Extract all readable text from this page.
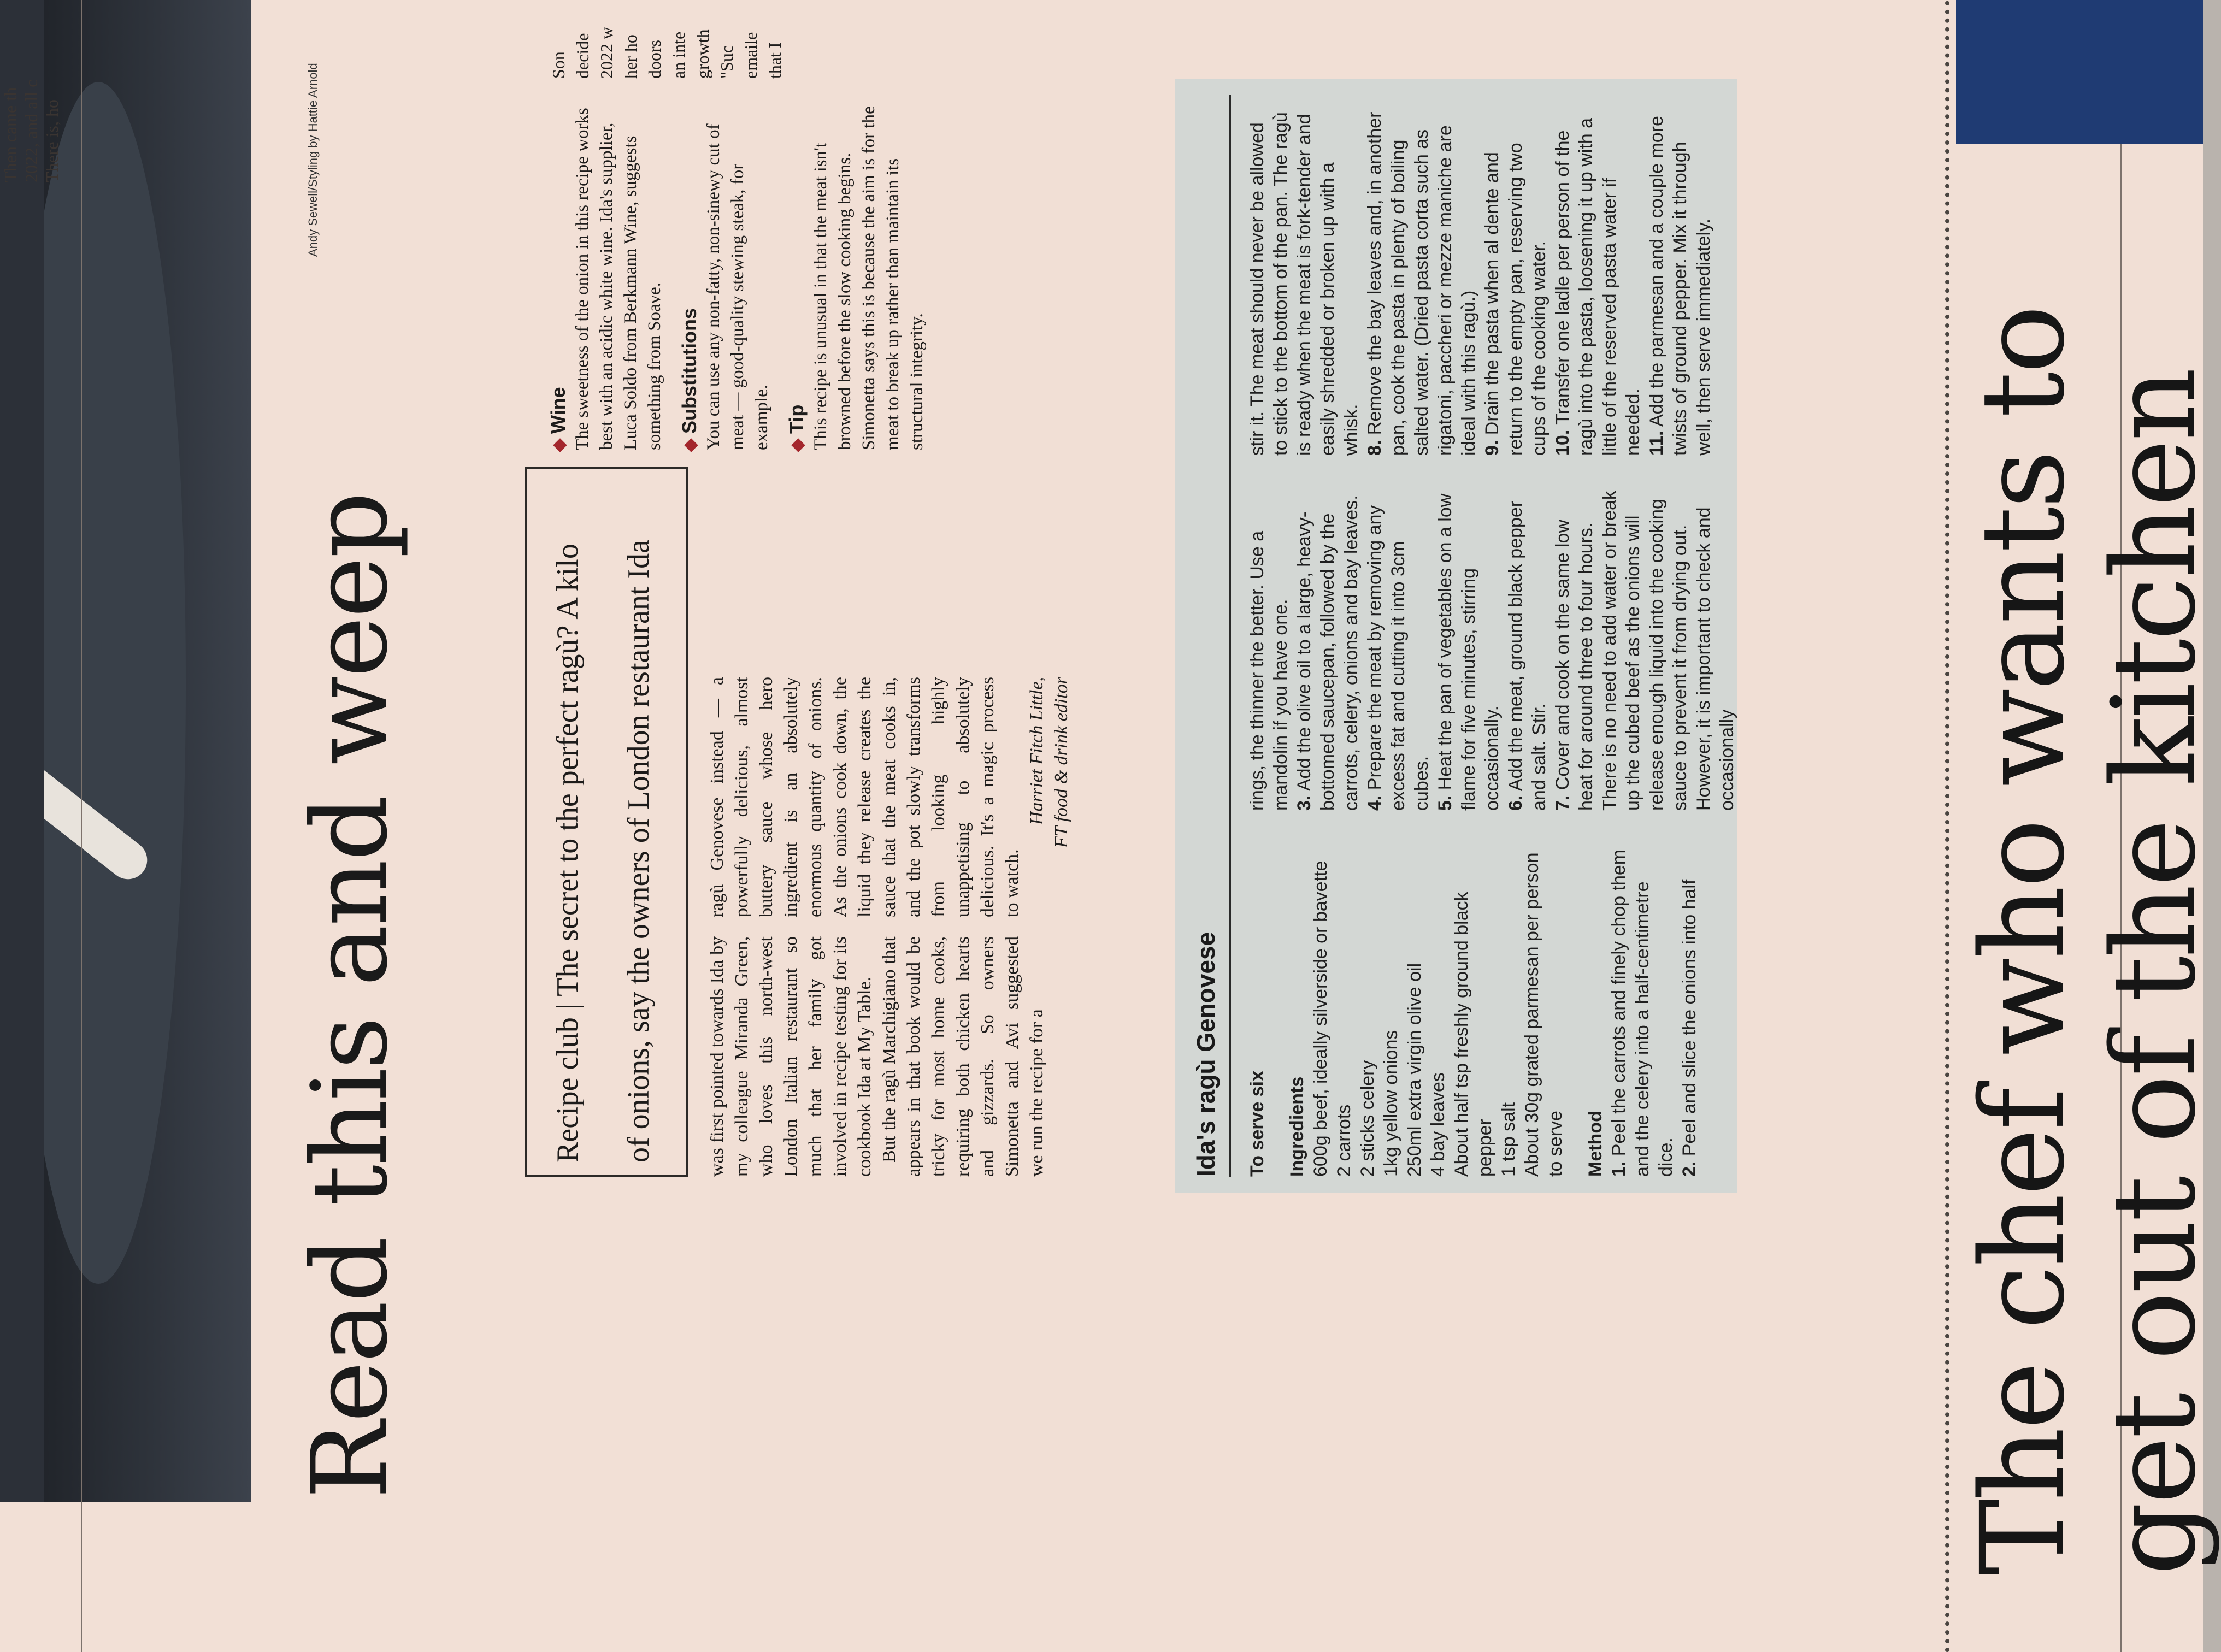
Andy Sewell/Styling by Hattie Arnold
Read this and weep	Recipe club | The secret to the perfect ragù? A kilo	of onions, say the owners of London restaurant Ida	was first pointed towards Ida by my colleague Miranda Green, who loves this north-west London Italian restaurant so much that her family got involved in recipe testing for its cookbook Ida at My Table. But the ragù Marchigiano that appears in that book would be tricky for most home cooks, requiring both chicken hearts and gizzards. So owners Simonetta and Avi suggested we run the recipe for a

ragù Genovese instead — a powerfully delicious, almost buttery sauce whose hero ingredient is an absolutely enormous quantity of onions. As the onions cook down, the liquid they release creates the sauce that the meat cooks in, and the pot slowly transforms from looking highly unappetising to absolutely delicious. It's a magic process to watch.

Harriet Fitch Little, FT food & drink editor

Wine The sweetness of the onion in this recipe works best with an acidic white wine. Ida's supplier, Luca Soldo from Berkmann Wine, suggests something from Soave. Substitutions You can use any non-fatty, non-sinewy cut of meat — good-quality stewing steak, for example. Tip This recipe is unusual in that the meat isn't browned before the slow cooking begins. Simonetta says this is because the aim is for the meat to break up rather than maintain its structural integrity.

Ida's ragù Genovese To serve six Ingredients 600g beef, ideally silverside or bavette 2 carrots 2 sticks celery 1kg yellow onions 250ml extra virgin olive oil 4 bay leaves About half tsp freshly ground black pepper 1 tsp salt About 30g grated parmesan per person to serve Method 1. Peel the carrots and finely chop them and the celery into a half-centimetre dice. 2. Peel and slice the onions into half
rings, the thinner the better. Use a mandolin if you have one. 3. Add the olive oil to a large, heavy-bottomed saucepan, followed by the carrots, celery, onions and bay leaves. 4. Prepare the meat by removing any excess fat and cutting it into 3cm cubes. 5. Heat the pan of vegetables on a low flame for five minutes, stirring occasionally. 6. Add the meat, ground black pepper and salt. Stir. 7. Cover and cook on the same low heat for around three to four hours. There is no need to add water or break up the cubed beef as the onions will release enough liquid into the cooking sauce to prevent it from drying out. However, it is important to check and occasionally
stir it. The meat should never be allowed to stick to the bottom of the pan. The ragù is ready when the meat is fork-tender and easily shredded or broken up with a whisk. 8. Remove the bay leaves and, in another pan, cook the pasta in plenty of boiling salted water. (Dried pasta corta such as rigatoni, paccheri or mezze maniche are ideal with this ragù.) 9. Drain the pasta when al dente and return to the empty pan, reserving two cups of the cooking water. 10. Transfer one ladle per person of the ragù into the pasta, loosening it up with a little of the reserved pasta water if needed. 11. Add the parmesan and a couple more twists of ground pepper. Mix it through well, then serve immediately. The chef who wants to
get out of the kitchen
Then came th 2022, and all c There is, ho
Son decide 2022 w her ho doors an inte growth "Suc emaile that I
